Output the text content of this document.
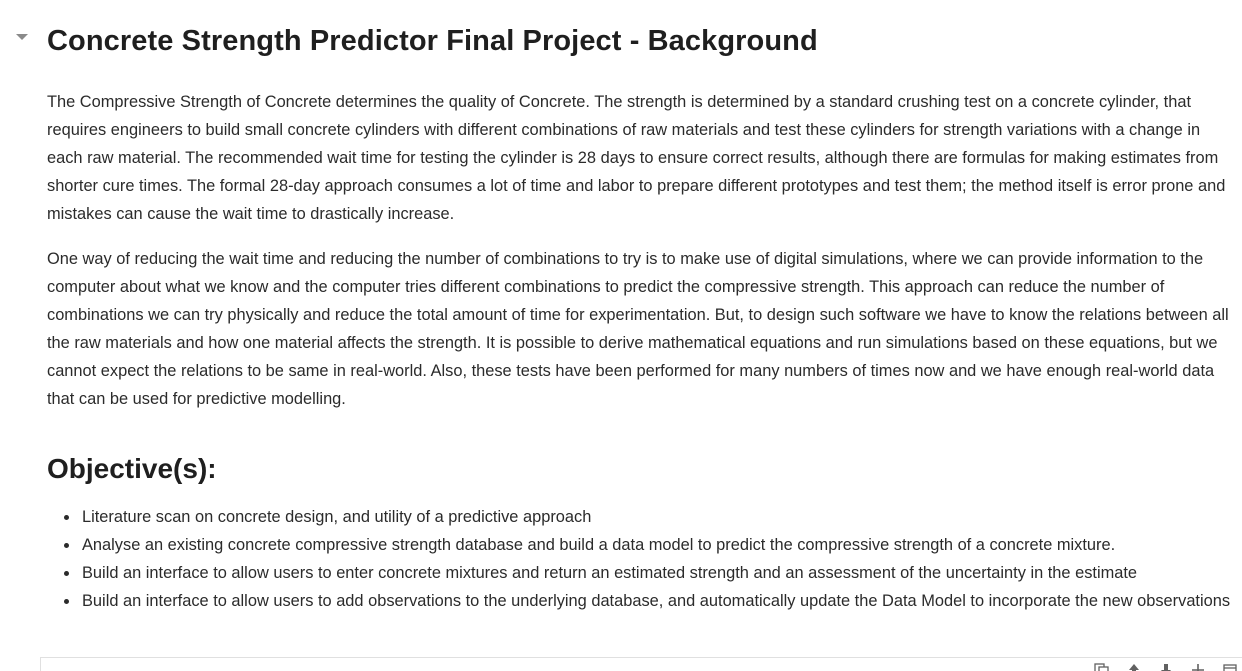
Concrete Strength Predictor Final Project - Background

The Compressive Strength of Concrete determines the quality of Concrete. The strength is determined by a standard crushing test on a concrete cylinder, that requires engineers to build small concrete cylinders with different combinations of raw materials and test these cylinders for strength variations with a change in each raw material. The recommended wait time for testing the cylinder is 28 days to ensure correct results, although there are formulas for making estimates from shorter cure times. The formal 28-day approach consumes a lot of time and labor to prepare different prototypes and test them; the method itself is error prone and mistakes can cause the wait time to drastically increase.

One way of reducing the wait time and reducing the number of combinations to try is to make use of digital simulations, where we can provide information to the computer about what we know and the computer tries different combinations to predict the compressive strength. This approach can reduce the number of combinations we can try physically and reduce the total amount of time for experimentation. But, to design such software we have to know the relations between all the raw materials and how one material affects the strength. It is possible to derive mathematical equations and run simulations based on these equations, but we cannot expect the relations to be same in real-world. Also, these tests have been performed for many numbers of times now and we have enough real-world data that can be used for predictive modelling.

Objective(s):
Literature scan on concrete design, and utility of a predictive approach
Analyse an existing concrete compressive strength database and build a data model to predict the compressive strength of a concrete mixture.
Build an interface to allow users to enter concrete mixtures and return an estimated strength and an assessment of the uncertainty in the estimate
Build an interface to allow users to add observations to the underlying database, and automatically update the Data Model to incorporate the new observations
